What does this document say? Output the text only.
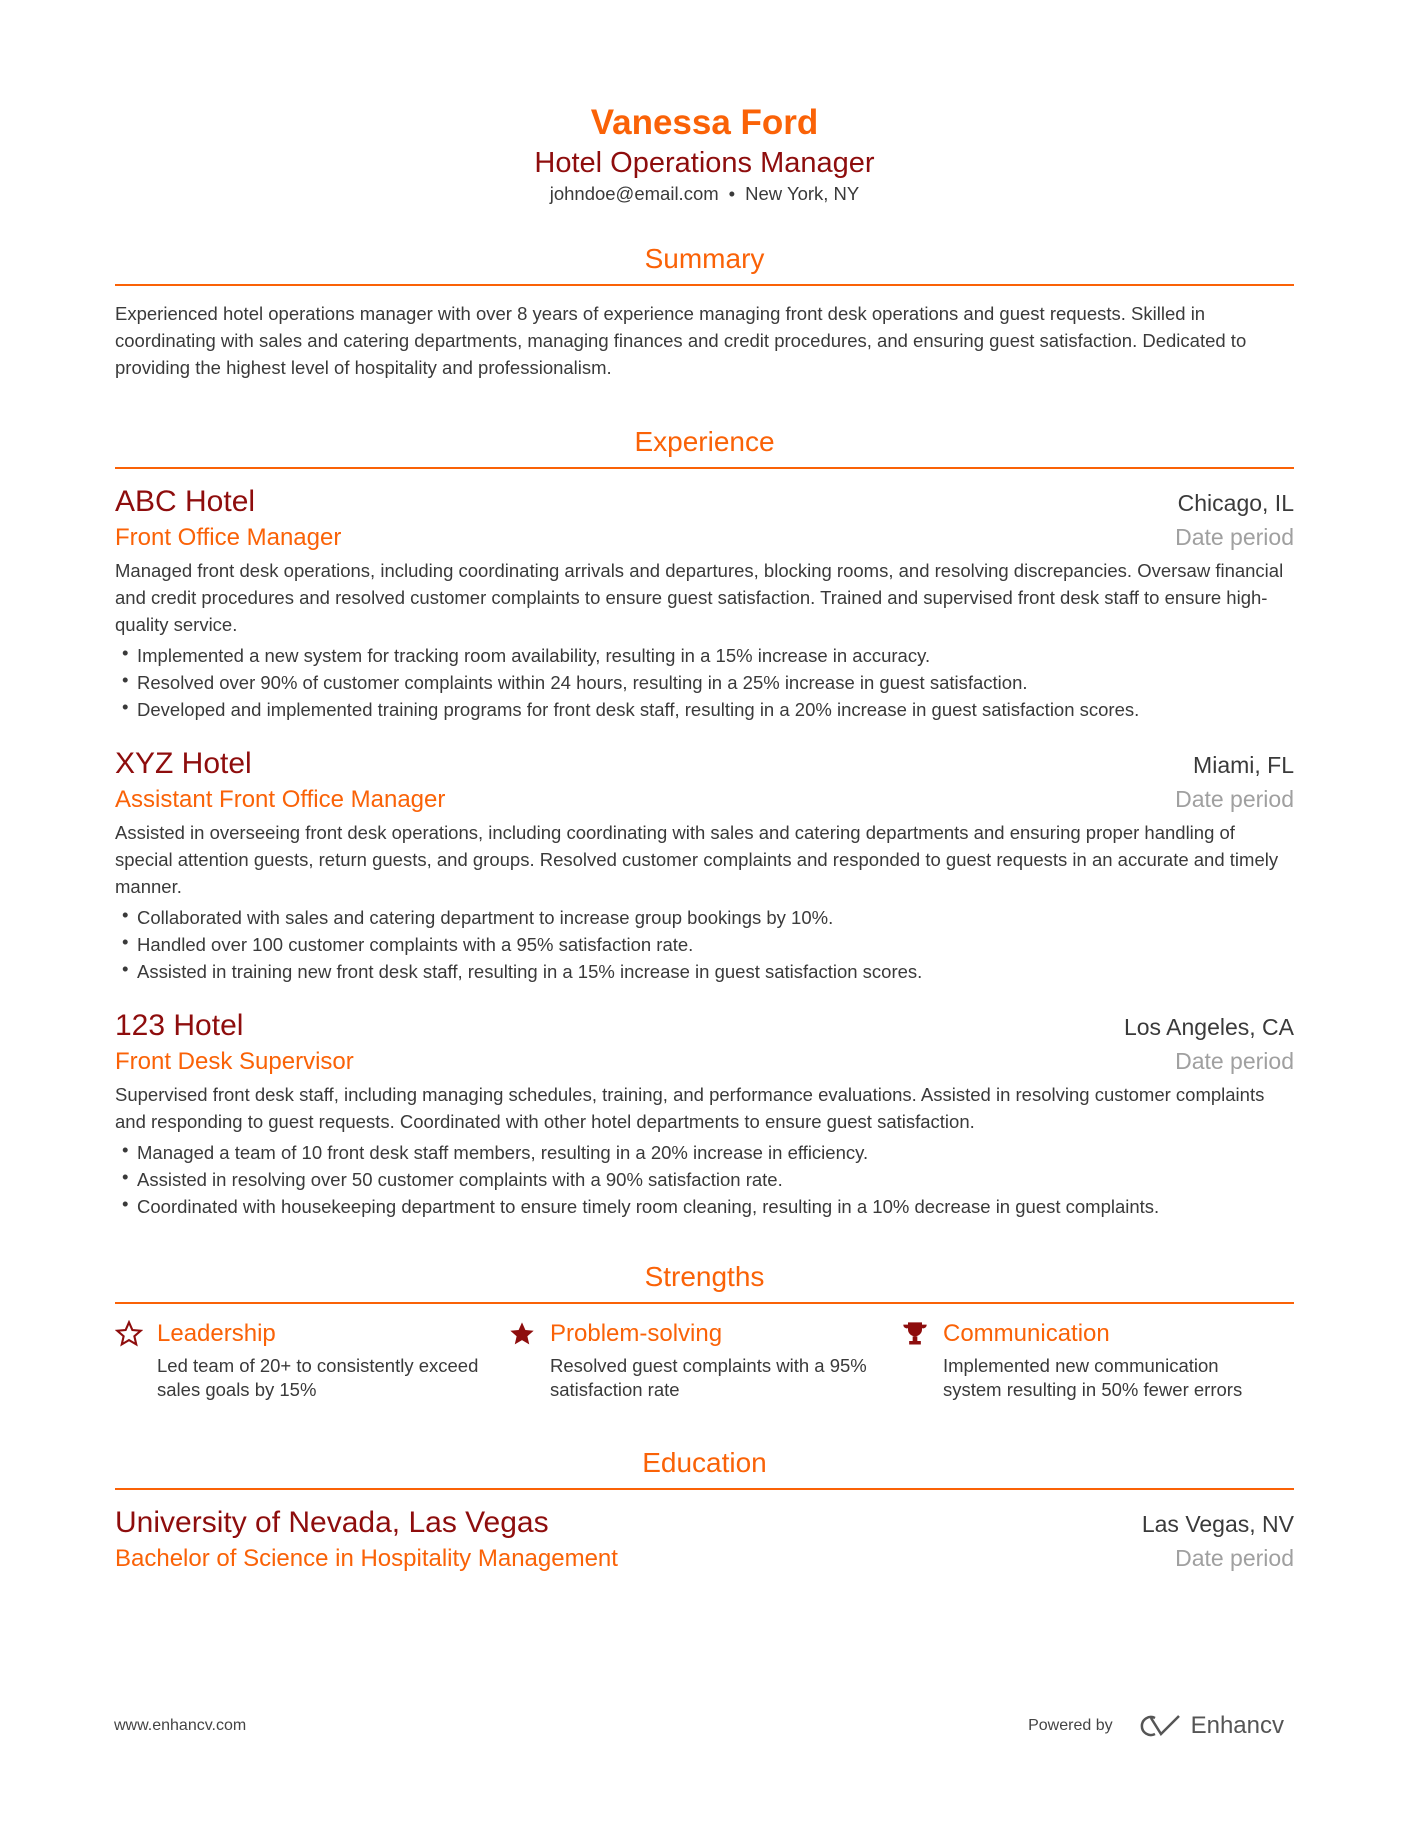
Vanessa Ford
Hotel Operations Manager
johndoe@email.com • New York, NY
Summary

Experienced hotel operations manager with over 8 years of experience managing front desk operations and guest requests. Skilled in coordinating with sales and catering departments, managing finances and credit procedures, and ensuring guest satisfaction. Dedicated to providing the highest level of hospitality and professionalism.

Experience
ABC Hotel	Chicago, IL
Front Office Manager	Date period

Managed front desk operations, including coordinating arrivals and departures, blocking rooms, and resolving discrepancies. Oversaw financial and credit procedures and resolved customer complaints to ensure guest satisfaction. Trained and supervised front desk staff to ensure high-quality service.

• Implemented a new system for tracking room availability, resulting in a 15% increase in accuracy.
• Resolved over 90% of customer complaints within 24 hours, resulting in a 25% increase in guest satisfaction.
• Developed and implemented training programs for front desk staff, resulting in a 20% increase in guest satisfaction scores.
XYZ Hotel	Miami, FL
Assistant Front Office Manager	Date period

Assisted in overseeing front desk operations, including coordinating with sales and catering departments and ensuring proper handling of special attention guests, return guests, and groups. Resolved customer complaints and responded to guest requests in an accurate and timely manner.

• Collaborated with sales and catering department to increase group bookings by 10%.
• Handled over 100 customer complaints with a 95% satisfaction rate.
• Assisted in training new front desk staff, resulting in a 15% increase in guest satisfaction scores.
123 Hotel	Los Angeles, CA
Front Desk Supervisor	Date period

Supervised front desk staff, including managing schedules, training, and performance evaluations. Assisted in resolving customer complaints and responding to guest requests. Coordinated with other hotel departments to ensure guest satisfaction.

• Managed a team of 10 front desk staff members, resulting in a 20% increase in efficiency.
• Assisted in resolving over 50 customer complaints with a 90% satisfaction rate.
• Coordinated with housekeeping department to ensure timely room cleaning, resulting in a 10% decrease in guest complaints.
Strengths
Leadership
Led team of 20+ to consistently exceed sales goals by 15%
Problem-solving
Resolved guest complaints with a 95% satisfaction rate
Communication
Implemented new communication system resulting in 50% fewer errors
Education
University of Nevada, Las Vegas	Las Vegas, NV
Bachelor of Science in Hospitality Management	Date period
www.enhancv.com	Powered by	Enhancv
